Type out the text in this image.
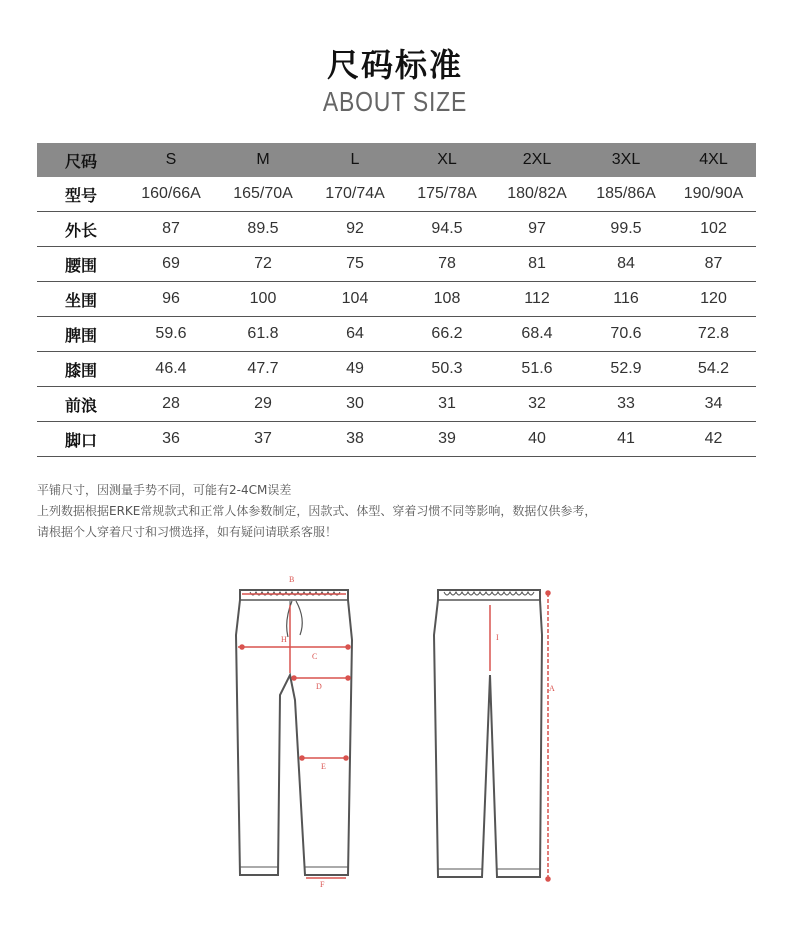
尺码标准
ABOUT SIZE
尺码	S	M	L	XL	2XL	3XL	4XL
型号	160/66A	165/70A	170/74A	175/78A	180/82A	185/86A	190/90A
外长	87	89.5	92	94.5	97	99.5	102
腰围	69	72	75	78	81	84	87
坐围	96	100	104	108	112	116	120
脾围	59.6	61.8	64	66.2	68.4	70.6	72.8
膝围	46.4	47.7	49	50.3	51.6	52.9	54.2
前浪	28	29	30	31	32	33	34
脚口	36	37	38	39	40	41	42
平铺尺寸，因测量手势不同，可能有2-4CM误差
上列数据根据ERKE常规款式和正常人体参数制定，因款式、体型、穿着习惯不同等影响，数据仅供参考，
请根据个人穿着尺寸和习惯选择，如有疑问请联系客服！
B
H
C
D
E
F
I
A
